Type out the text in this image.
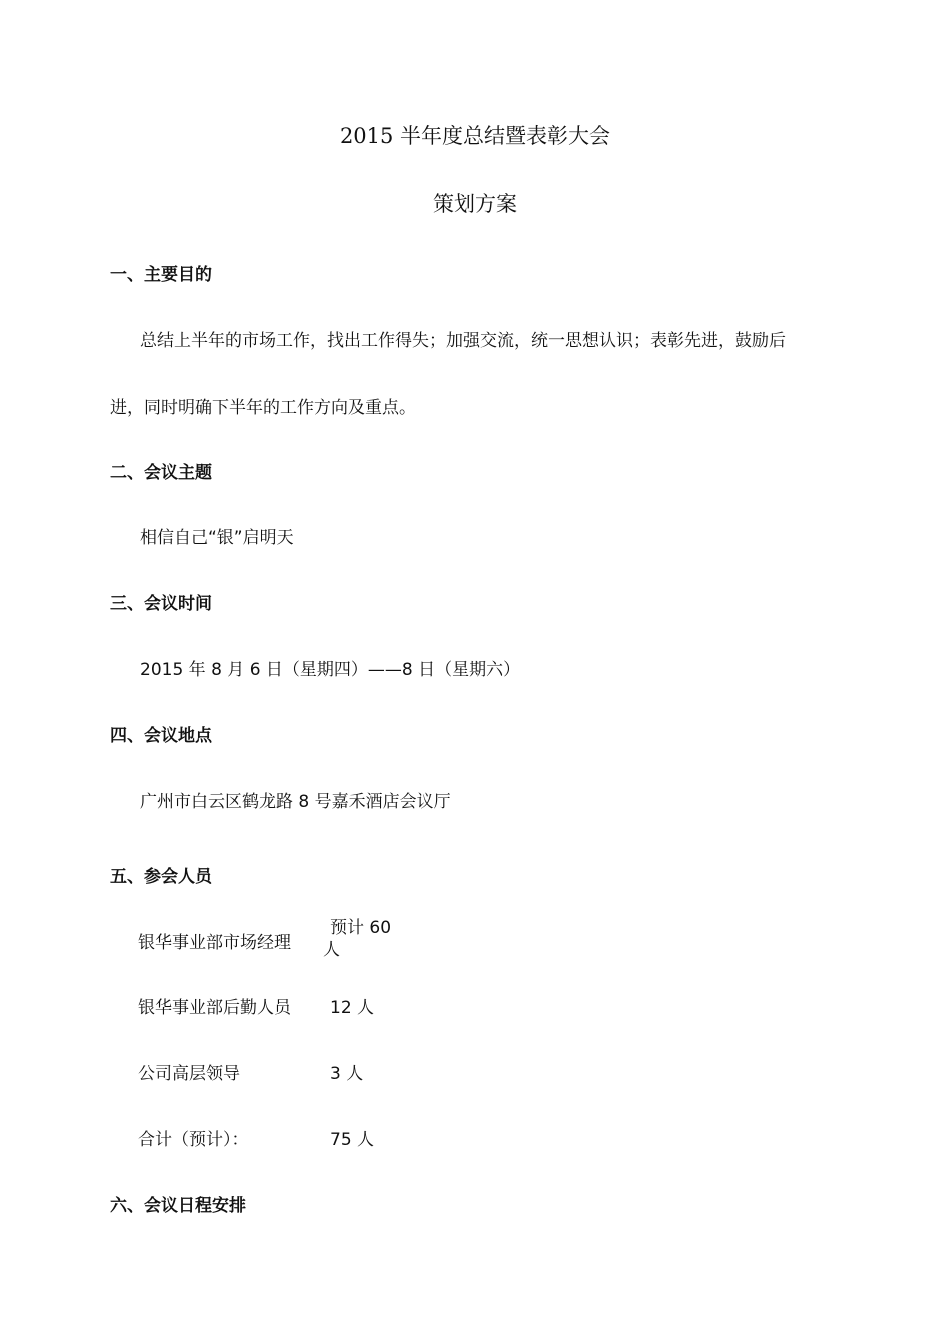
2015 半年度总结暨表彰大会
策划方案
一、主要目的
总结上半年的市场工作，找出工作得失；加强交流，统一思想认识；表彰先进，鼓励后
进，同时明确下半年的工作方向及重点。
二、会议主题
相信自己“银”启明天
三、会议时间
2015 年 8 月 6 日（星期四）——8 日（星期六）
四、会议地点
广州市白云区鹤龙路 8 号嘉禾酒店会议厅
五、参会人员
银华事业部市场经理
预计 60
人
银华事业部后勤人员 12 人
公司高层领导	3 人
合计（预计）：	75 人
六、会议日程安排
